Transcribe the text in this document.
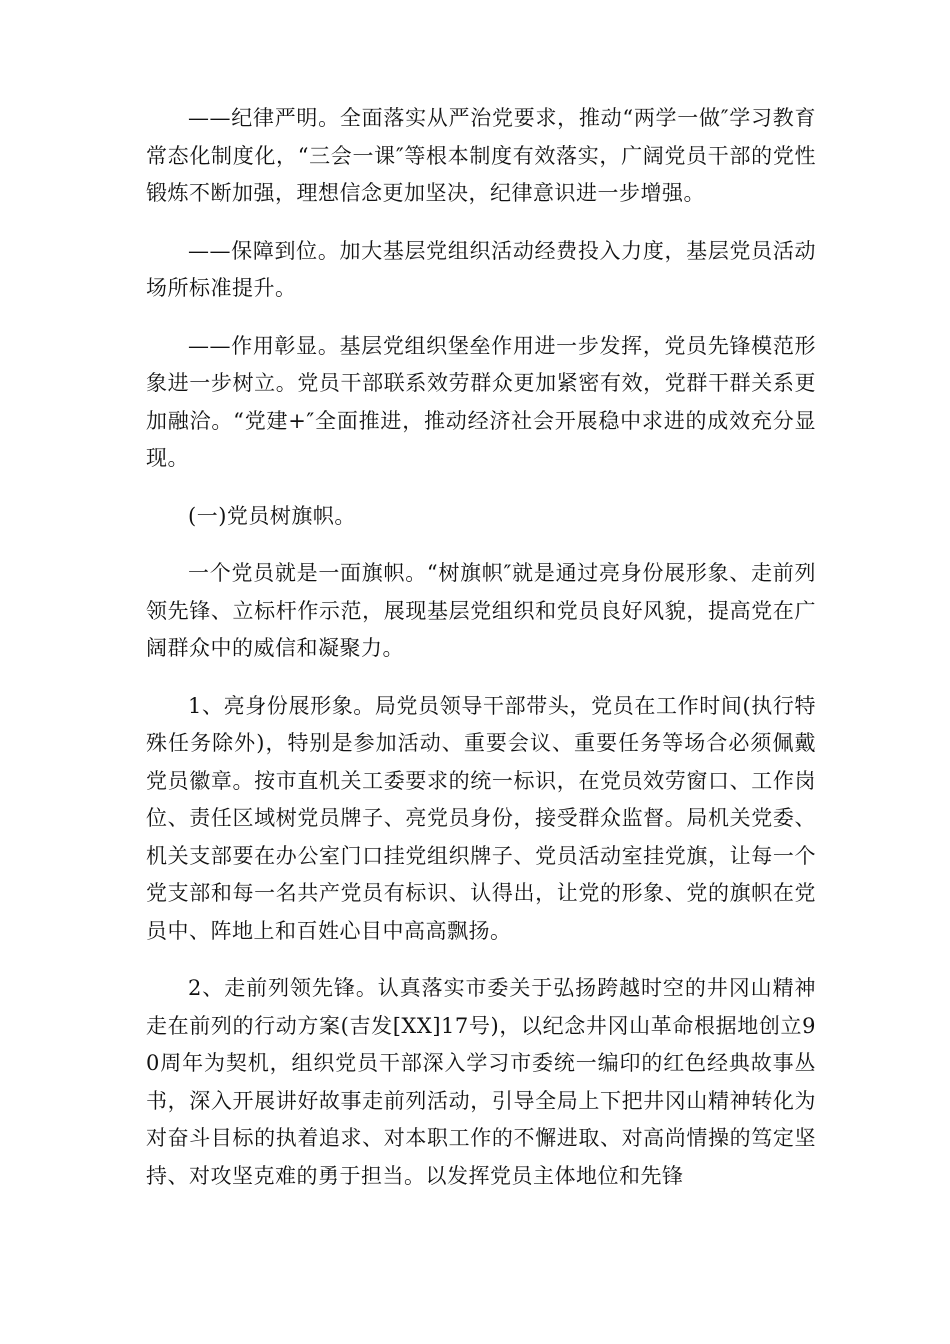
——纪律严明。全面落实从严治党要求，推动“两学一做″学习教育常态化制度化，“三会一课″等根本制度有效落实，广阔党员干部的党性锻炼不断加强，理想信念更加坚决，纪律意识进一步增强。

——保障到位。加大基层党组织活动经费投入力度，基层党员活动场所标准提升。

——作用彰显。基层党组织堡垒作用进一步发挥，党员先锋模范形象进一步树立。党员干部联系效劳群众更加紧密有效，党群干群关系更加融洽。“党建+″全面推进，推动经济社会开展稳中求进的成效充分显现。

(一)党员树旗帜。

一个党员就是一面旗帜。“树旗帜″就是通过亮身份展形象、走前列领先锋、立标杆作示范，展现基层党组织和党员良好风貌，提高党在广阔群众中的威信和凝聚力。

1、亮身份展形象。局党员领导干部带头，党员在工作时间(执行特殊任务除外)，特别是参加活动、重要会议、重要任务等场合必须佩戴党员徽章。按市直机关工委要求的统一标识，在党员效劳窗口、工作岗位、责任区域树党员牌子、亮党员身份，接受群众监督。局机关党委、机关支部要在办公室门口挂党组织牌子、党员活动室挂党旗，让每一个党支部和每一名共产党员有标识、认得出，让党的形象、党的旗帜在党员中、阵地上和百姓心目中高高飘扬。

2、走前列领先锋。认真落实市委关于弘扬跨越时空的井冈山精神走在前列的行动方案(吉发[XX]17号)，以纪念井冈山革命根据地创立90周年为契机，组织党员干部深入学习市委统一编印的红色经典故事丛书，深入开展讲好故事走前列活动，引导全局上下把井冈山精神转化为对奋斗目标的执着追求、对本职工作的不懈进取、对高尚情操的笃定坚持、对攻坚克难的勇于担当。以发挥党员主体地位和先锋
